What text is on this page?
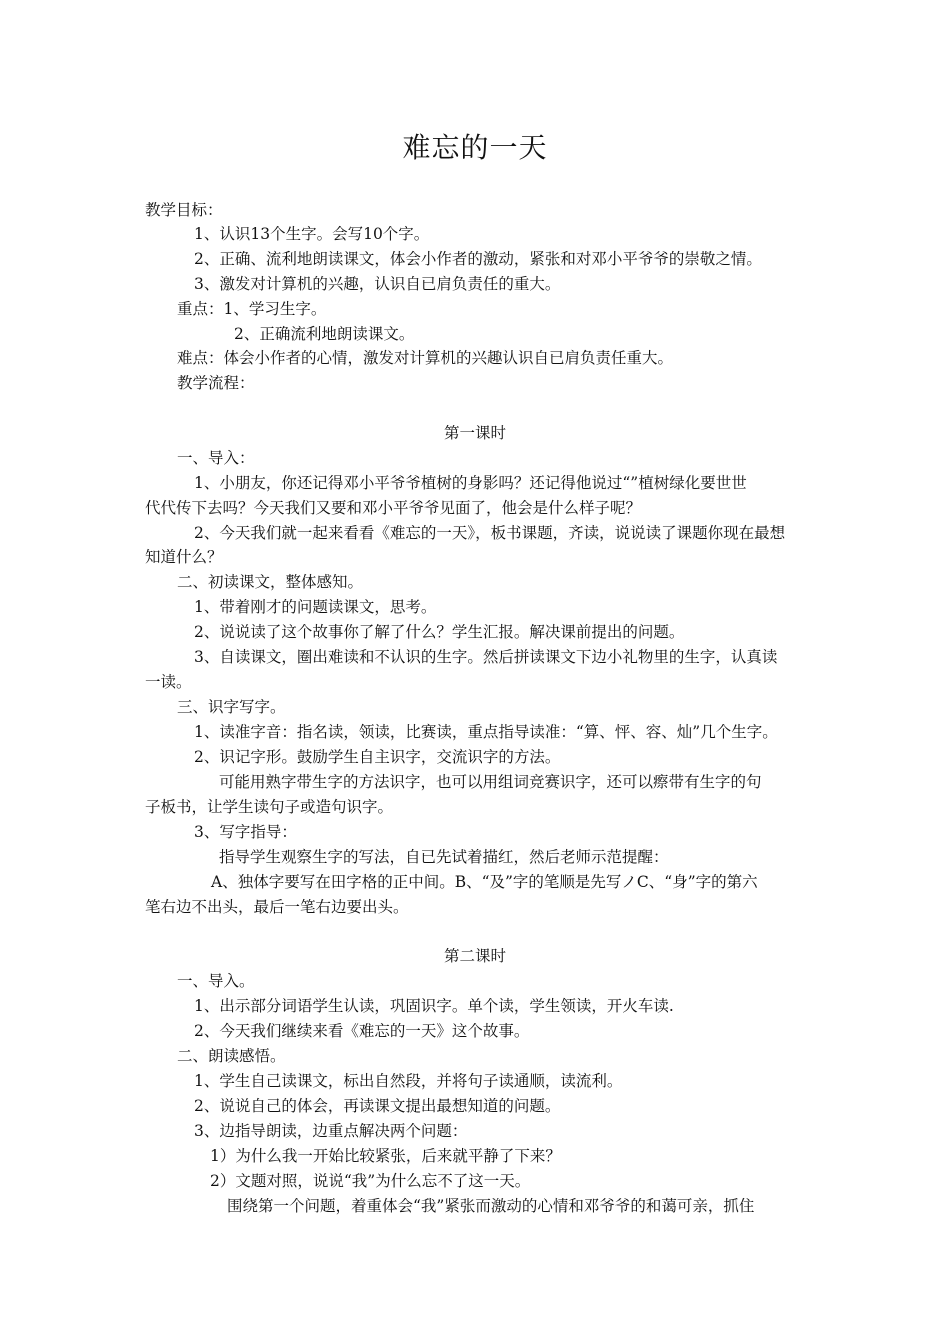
难忘的一天
教学目标：
1、认识13个生字。会写10个字。
2、正确、流利地朗读课文，体会小作者的激动，紧张和对邓小平爷爷的崇敬之情。
3、激发对计算机的兴趣，认识自已肩负责任的重大。
重点：1、学习生字。
2、正确流利地朗读课文。
难点：体会小作者的心情，激发对计算机的兴趣认识自已肩负责任重大。
教学流程：
第一课时
一、导入：
1、小朋友，你还记得邓小平爷爷植树的身影吗？还记得他说过“”植树绿化要世世
代代传下去吗？今天我们又要和邓小平爷爷见面了，他会是什么样子呢？
2、今天我们就一起来看看《难忘的一天》，板书课题，齐读，说说读了课题你现在最想
知道什么？
二、初读课文，整体感知。
1、带着刚才的问题读课文，思考。
2、说说读了这个故事你了解了什么？学生汇报。解决课前提出的问题。
3、自读课文，圈出难读和不认识的生字。然后拼读课文下边小礼物里的生字，认真读
一读。
三、识字写字。
1、读准字音：指名读，领读，比赛读，重点指导读准：“算、怦、容、灿”几个生字。
2、识记字形。鼓励学生自主识字，交流识字的方法。
可能用熟字带生字的方法识字，也可以用组词竞赛识字，还可以瘵带有生字的句
子板书，让学生读句子或造句识字。
3、写字指导：
指导学生观察生字的写法，自已先试着描红，然后老师示范提醒：
A、独体字要写在田字格的正中间。B、“及”字的笔顺是先写ノC、“身”字的第六
笔右边不出头，最后一笔右边要出头。
第二课时
一、导入。
1、出示部分词语学生认读，巩固识字。单个读，学生领读，开火车读.
2、今天我们继续来看《难忘的一天》这个故事。
二、朗读感悟。
1、学生自己读课文，标出自然段，并将句子读通顺，读流利。
2、说说自己的体会，再读课文提出最想知道的问题。
3、边指导朗读，边重点解决两个问题：
1）为什么我一开始比较紧张，后来就平静了下来？
2）文题对照，说说“我”为什么忘不了这一天。
围绕第一个问题，着重体会“我”紧张而激动的心情和邓爷爷的和蔼可亲，抓住
